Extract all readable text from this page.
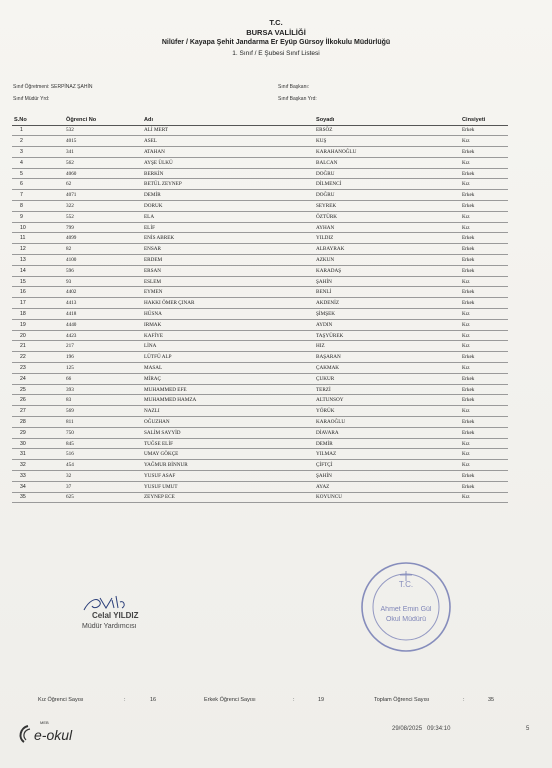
T.C.
BURSA VALİLİĞİ
Nilüfer / Kayapa Şehit Jandarma Er Eyüp Gürsoy İlkokulu Müdürlüğü
1. Sınıf / E Şubesi Sınıf Listesi
Sınıf Öğretmeni: SERPİNAZ ŞAHİN
Sınıf Müdür Yrd:
Sınıf Başkanı:
Sınıf Başkan Yrd:
S.No	Öğrenci No	Adı	Soyadı	Cinsiyeti
1	532	ALİ MERT	ERSÖZ	Erkek
2	4015	ASEL	KUŞ	Kız
3	341	ATAHAN	KARAHANOĞLU	Erkek
4	562	AYŞE ÜLKÜ	BALCAN	Kız
5	4060	BERKİN	DOĞRU	Erkek
6	62	BETÜL ZEYNEP	DİLMENCİ	Kız
7	4071	DEMİR	DOĞRU	Erkek
8	322	DORUK	SEYREK	Erkek
9	552	ELA	ÖZTÜRK	Kız
10	799	ELİF	AYHAN	Kız
11	4099	ENİS ABREK	YILDIZ	Erkek
12	82	ENSAR	ALBAYRAK	Erkek
13	4100	ERDEM	AZKUN	Erkek
14	596	ERSAN	KARADAŞ	Erkek
15	93	ESLEM	ŞAHİN	Kız
16	4402	EYMEN	BENLİ	Erkek
17	4413	HAKKI ÖMER ÇINAR	AKDENİZ	Erkek
18	4418	HÜSNA	ŞİMŞEK	Kız
19	4440	IRMAK	AYDIN	Kız
20	4423	KAFİYE	TAŞYÜREK	Kız
21	217	LİNA	HIZ	Kız
22	196	LÜTFÜ ALP	BAŞARAN	Erkek
23	125	MASAL	ÇAKMAK	Kız
24	66	MİRAÇ	ÇUKUR	Erkek
25	393	MUHAMMED EFE	TERZİ	Erkek
26	83	MUHAMMED HAMZA	ALTUNSOY	Erkek
27	569	NAZLI	YÖRÜK	Kız
28	811	OĞUZHAN	KARAOĞLU	Erkek
29	750	SALİM SAYYİD	DİAVARA	Erkek
30	845	TUĞSE ELİF	DEMİR	Kız
31	516	UMAY GÖKÇE	YILMAZ	Kız
32	454	YAĞMUR BİNNUR	ÇİFTÇİ	Kız
33	32	YUSUF ASAF	ŞAHİN	Erkek
34	37	YUSUF UMUT	AYAZ	Erkek
35	625	ZEYNEP ECE	KOYUNCU	Kız
Celal YILDIZ
Müdür Yardımcısı
T.C.
Ahmet Emin Gül
Okul Müdürü
Kız Öğrenci Sayısı	:	16	Erkek Öğrenci Sayısı	:	19	Toplam Öğrenci Sayısı	:	35
MEB
e-okul	29/08/2025 09:34:10	5
